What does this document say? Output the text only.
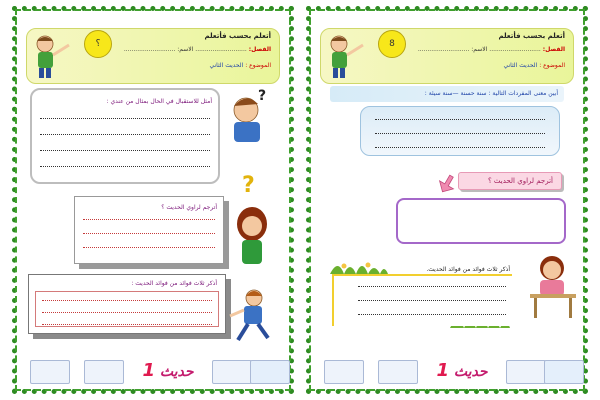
؟
أتعلم بحسب فأتعلم
الفصل: ........................... الاسم: ...........................
الموضوع : الحديث الثاني
أمثل للاستقبال في الحال بمثال من عندي :	?
?
أترجم لراوي الحديث ؟
أذكر ثلاث فوائد من فوائد الحديث :
1 حديث
8
أتعلم بحسب فأتعلم
الفصل: ........................... الاسم: ...........................
الموضوع : الحديث الثاني
أبين معنى المفردات التالية : سنة حسنة —سنة سيئة :
أترجم لراوي الحديث ؟
أذكر ثلاث فوائد من فوائد الحديث.
1 حديث
